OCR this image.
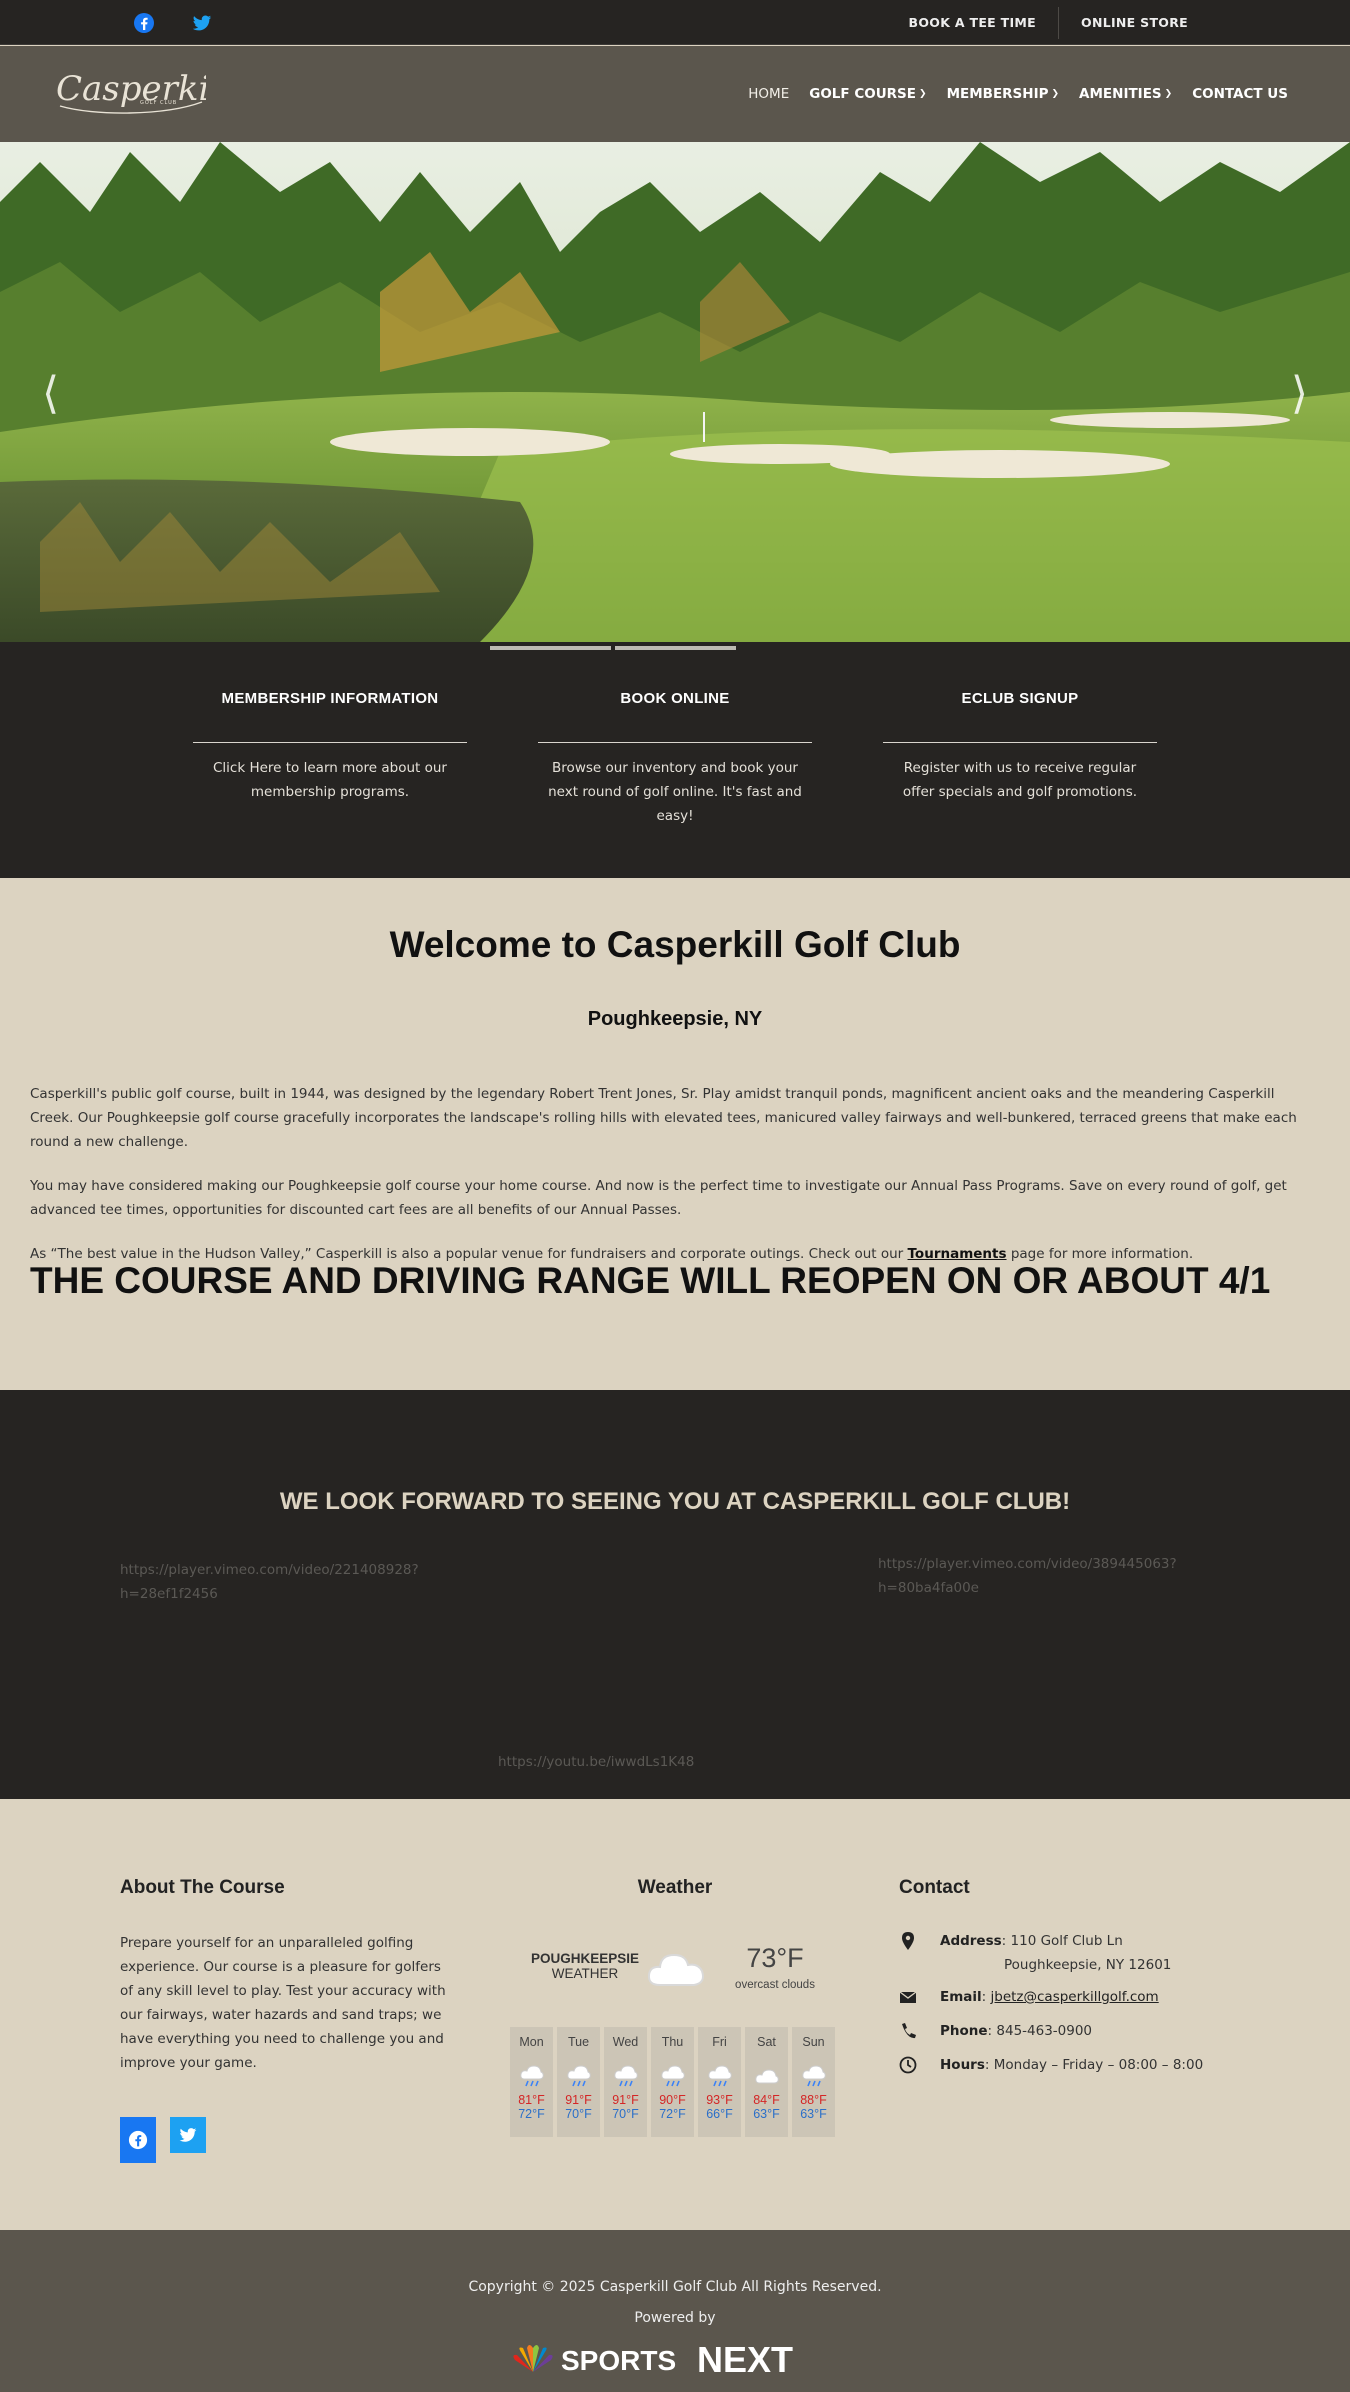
BOOK A TEE TIME	ONLINE STORE
Casperk
GOLF CLUB
HOME GOLF COURSE ❯ MEMBERSHIP ❯ AMENITIES ❯ CONTACT US
⟨	⟩
MEMBERSHIP INFORMATION

Click Here to learn more about our membership programs.

BOOK ONLINE

Browse our inventory and book your next round of golf online. It's fast and easy!

ECLUB SIGNUP

Register with us to receive regular offer specials and golf promotions.

Welcome to Casperkill Golf Club
Poughkeepsie, NY

Casperkill's public golf course, built in 1944, was designed by the legendary Robert Trent Jones, Sr. Play amidst tranquil ponds, magnificent ancient oaks and the meandering Casperkill Creek. Our Poughkeepsie golf course gracefully incorporates the landscape's rolling hills with elevated tees, manicured valley fairways and well-bunkered, terraced greens that make each round a new challenge.

You may have considered making our Poughkeepsie golf course your home course. And now is the perfect time to investigate our Annual Pass Programs. Save on every round of golf, get advanced tee times, opportunities for discounted cart fees are all benefits of our Annual Passes.

As “The best value in the Hudson Valley,” Casperkill is also a popular venue for fundraisers and corporate outings. Check out our Tournaments page for more information.

THE COURSE AND DRIVING RANGE WILL REOPEN ON OR ABOUT 4/1
WE LOOK FORWARD TO SEEING YOU AT CASPERKILL GOLF CLUB!
https://player.vimeo.com/video/221408928?
h=28ef1f2456
https://player.vimeo.com/video/389445063?
h=80ba4fa00e
https://youtu.be/iwwdLs1K48
About The Course

Prepare yourself for an unparalleled golfing experience. Our course is a pleasure for golfers of any skill level to play. Test your accuracy with our fairways, water hazards and sand traps; we have everything you need to challenge you and improve your game.

Weather
POUGHKEEPSIE
WEATHER
73°F
overcast clouds
Mon
81°F
72°F
Tue
91°F
70°F
Wed
91°F
70°F
Thu
90°F
72°F
Fri
93°F
66°F
Sat
84°F
63°F
Sun
88°F
63°F
Contact
Address: 110 Golf Club Ln
Poughkeepsie, NY 12601
Email: jbetz@casperkillgolf.com
Phone: 845-463-0900
Hours: Monday – Friday – 08:00 – 8:00
Copyright © 2025 Casperkill Golf Club All Rights Reserved.
Powered by
SPORTS NEXT
